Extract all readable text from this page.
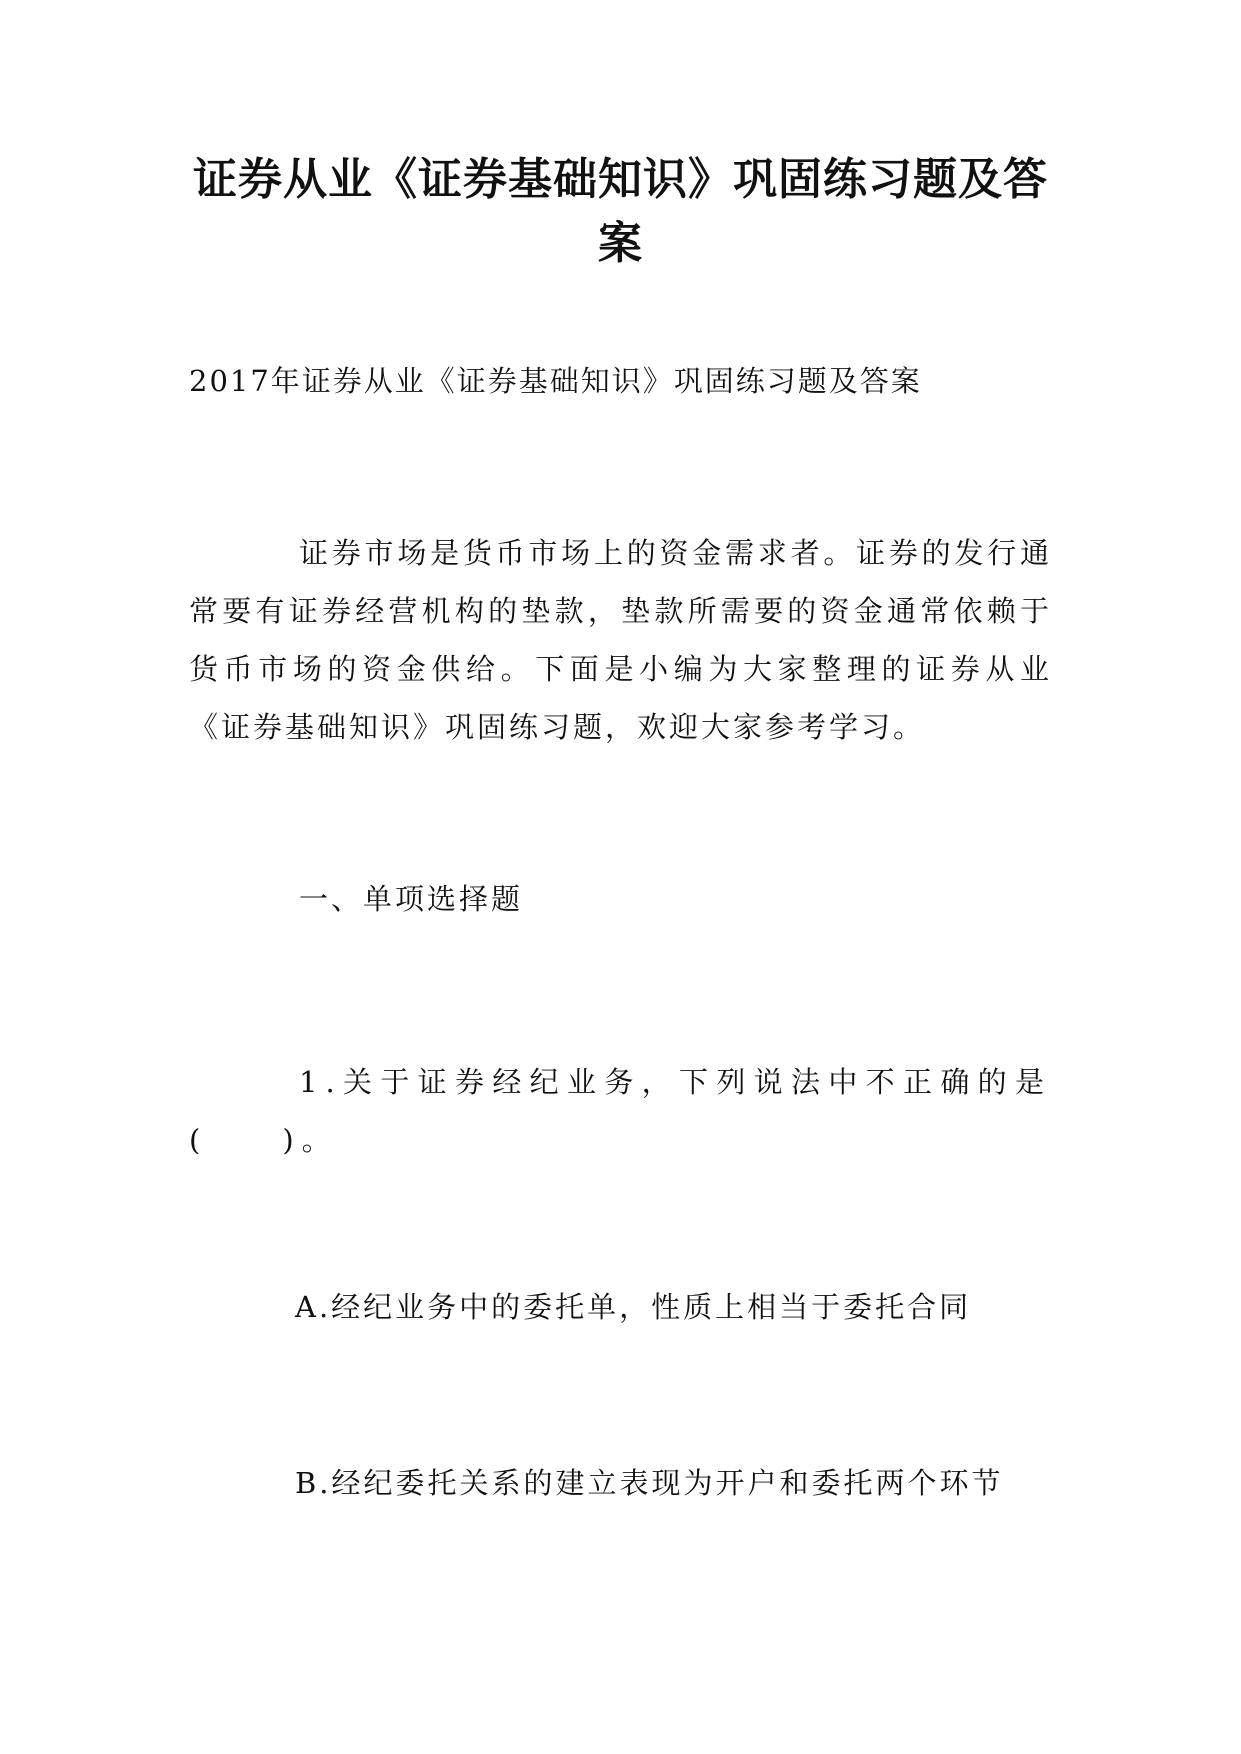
证券从业《证券基础知识》巩固练习题及答案

2017年证券从业《证券基础知识》巩固练习题及答案

证券市场是货币市场上的资金需求者。证券的发行通常要有证券经营机构的垫款，垫款所需要的资金通常依赖于货币市场的资金供给。下面是小编为大家整理的证券从业《证券基础知识》巩固练习题，欢迎大家参考学习。

一、单项选择题

1.关于证券经纪业务，下列说法中不正确的是(　　)。

A.经纪业务中的委托单，性质上相当于委托合同

B.经纪委托关系的建立表现为开户和委托两个环节
